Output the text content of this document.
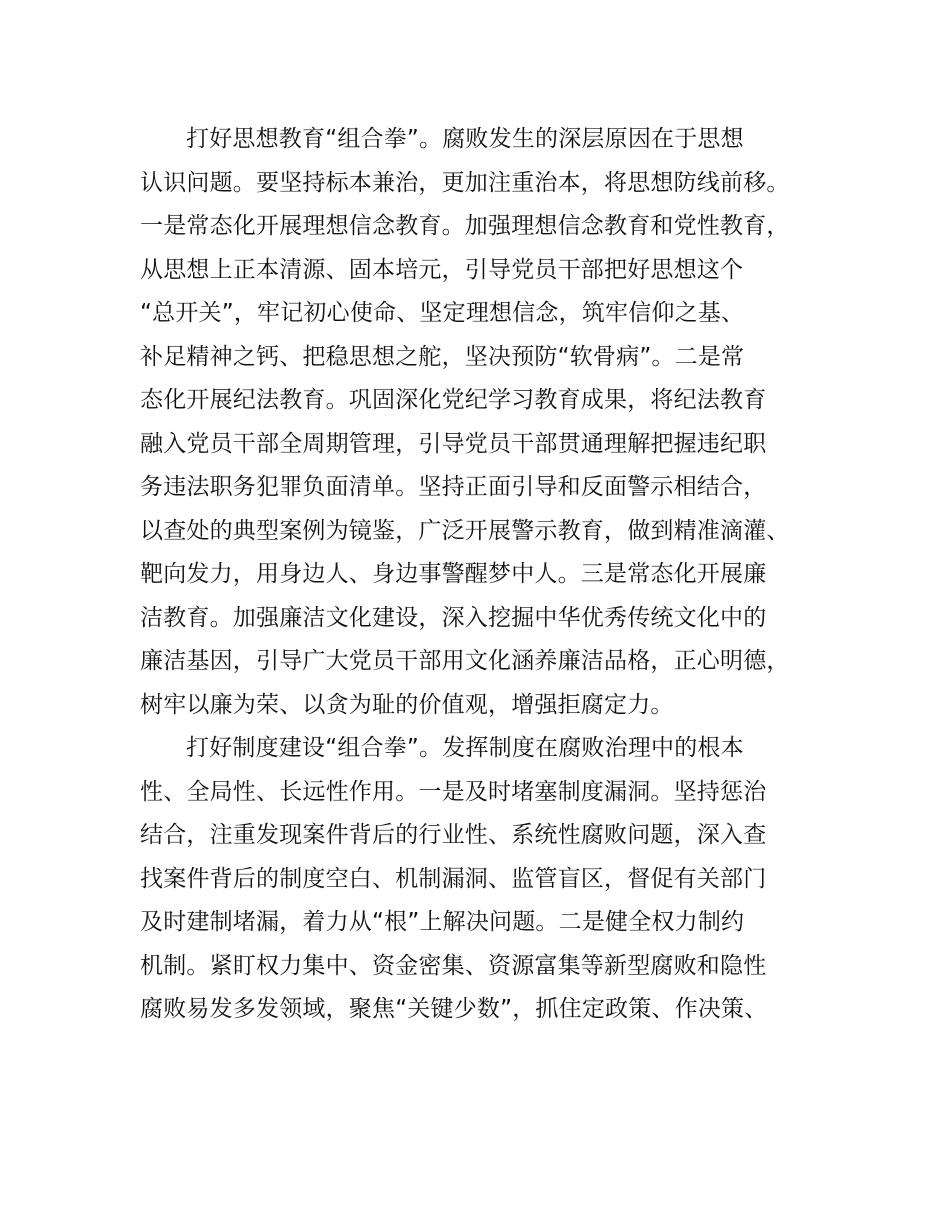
打好思想教育“组合拳”。腐败发生的深层原因在于思想
认识问题。要坚持标本兼治，更加注重治本，将思想防线前移。
一是常态化开展理想信念教育。加强理想信念教育和党性教育，
从思想上正本清源、固本培元，引导党员干部把好思想这个
“总开关”，牢记初心使命、坚定理想信念，筑牢信仰之基、
补足精神之钙、把稳思想之舵，坚决预防“软骨病”。二是常
态化开展纪法教育。巩固深化党纪学习教育成果，将纪法教育
融入党员干部全周期管理，引导党员干部贯通理解把握违纪职
务违法职务犯罪负面清单。坚持正面引导和反面警示相结合，
以查处的典型案例为镜鉴，广泛开展警示教育，做到精准滴灌、
靶向发力，用身边人、身边事警醒梦中人。三是常态化开展廉
洁教育。加强廉洁文化建设，深入挖掘中华优秀传统文化中的
廉洁基因，引导广大党员干部用文化涵养廉洁品格，正心明德，
树牢以廉为荣、以贪为耻的价值观，增强拒腐定力。
打好制度建设“组合拳”。发挥制度在腐败治理中的根本
性、全局性、长远性作用。一是及时堵塞制度漏洞。坚持惩治
结合，注重发现案件背后的行业性、系统性腐败问题，深入查
找案件背后的制度空白、机制漏洞、监管盲区，督促有关部门
及时建制堵漏，着力从“根”上解决问题。二是健全权力制约
机制。紧盯权力集中、资金密集、资源富集等新型腐败和隐性
腐败易发多发领域，聚焦“关键少数”，抓住定政策、作决策、
